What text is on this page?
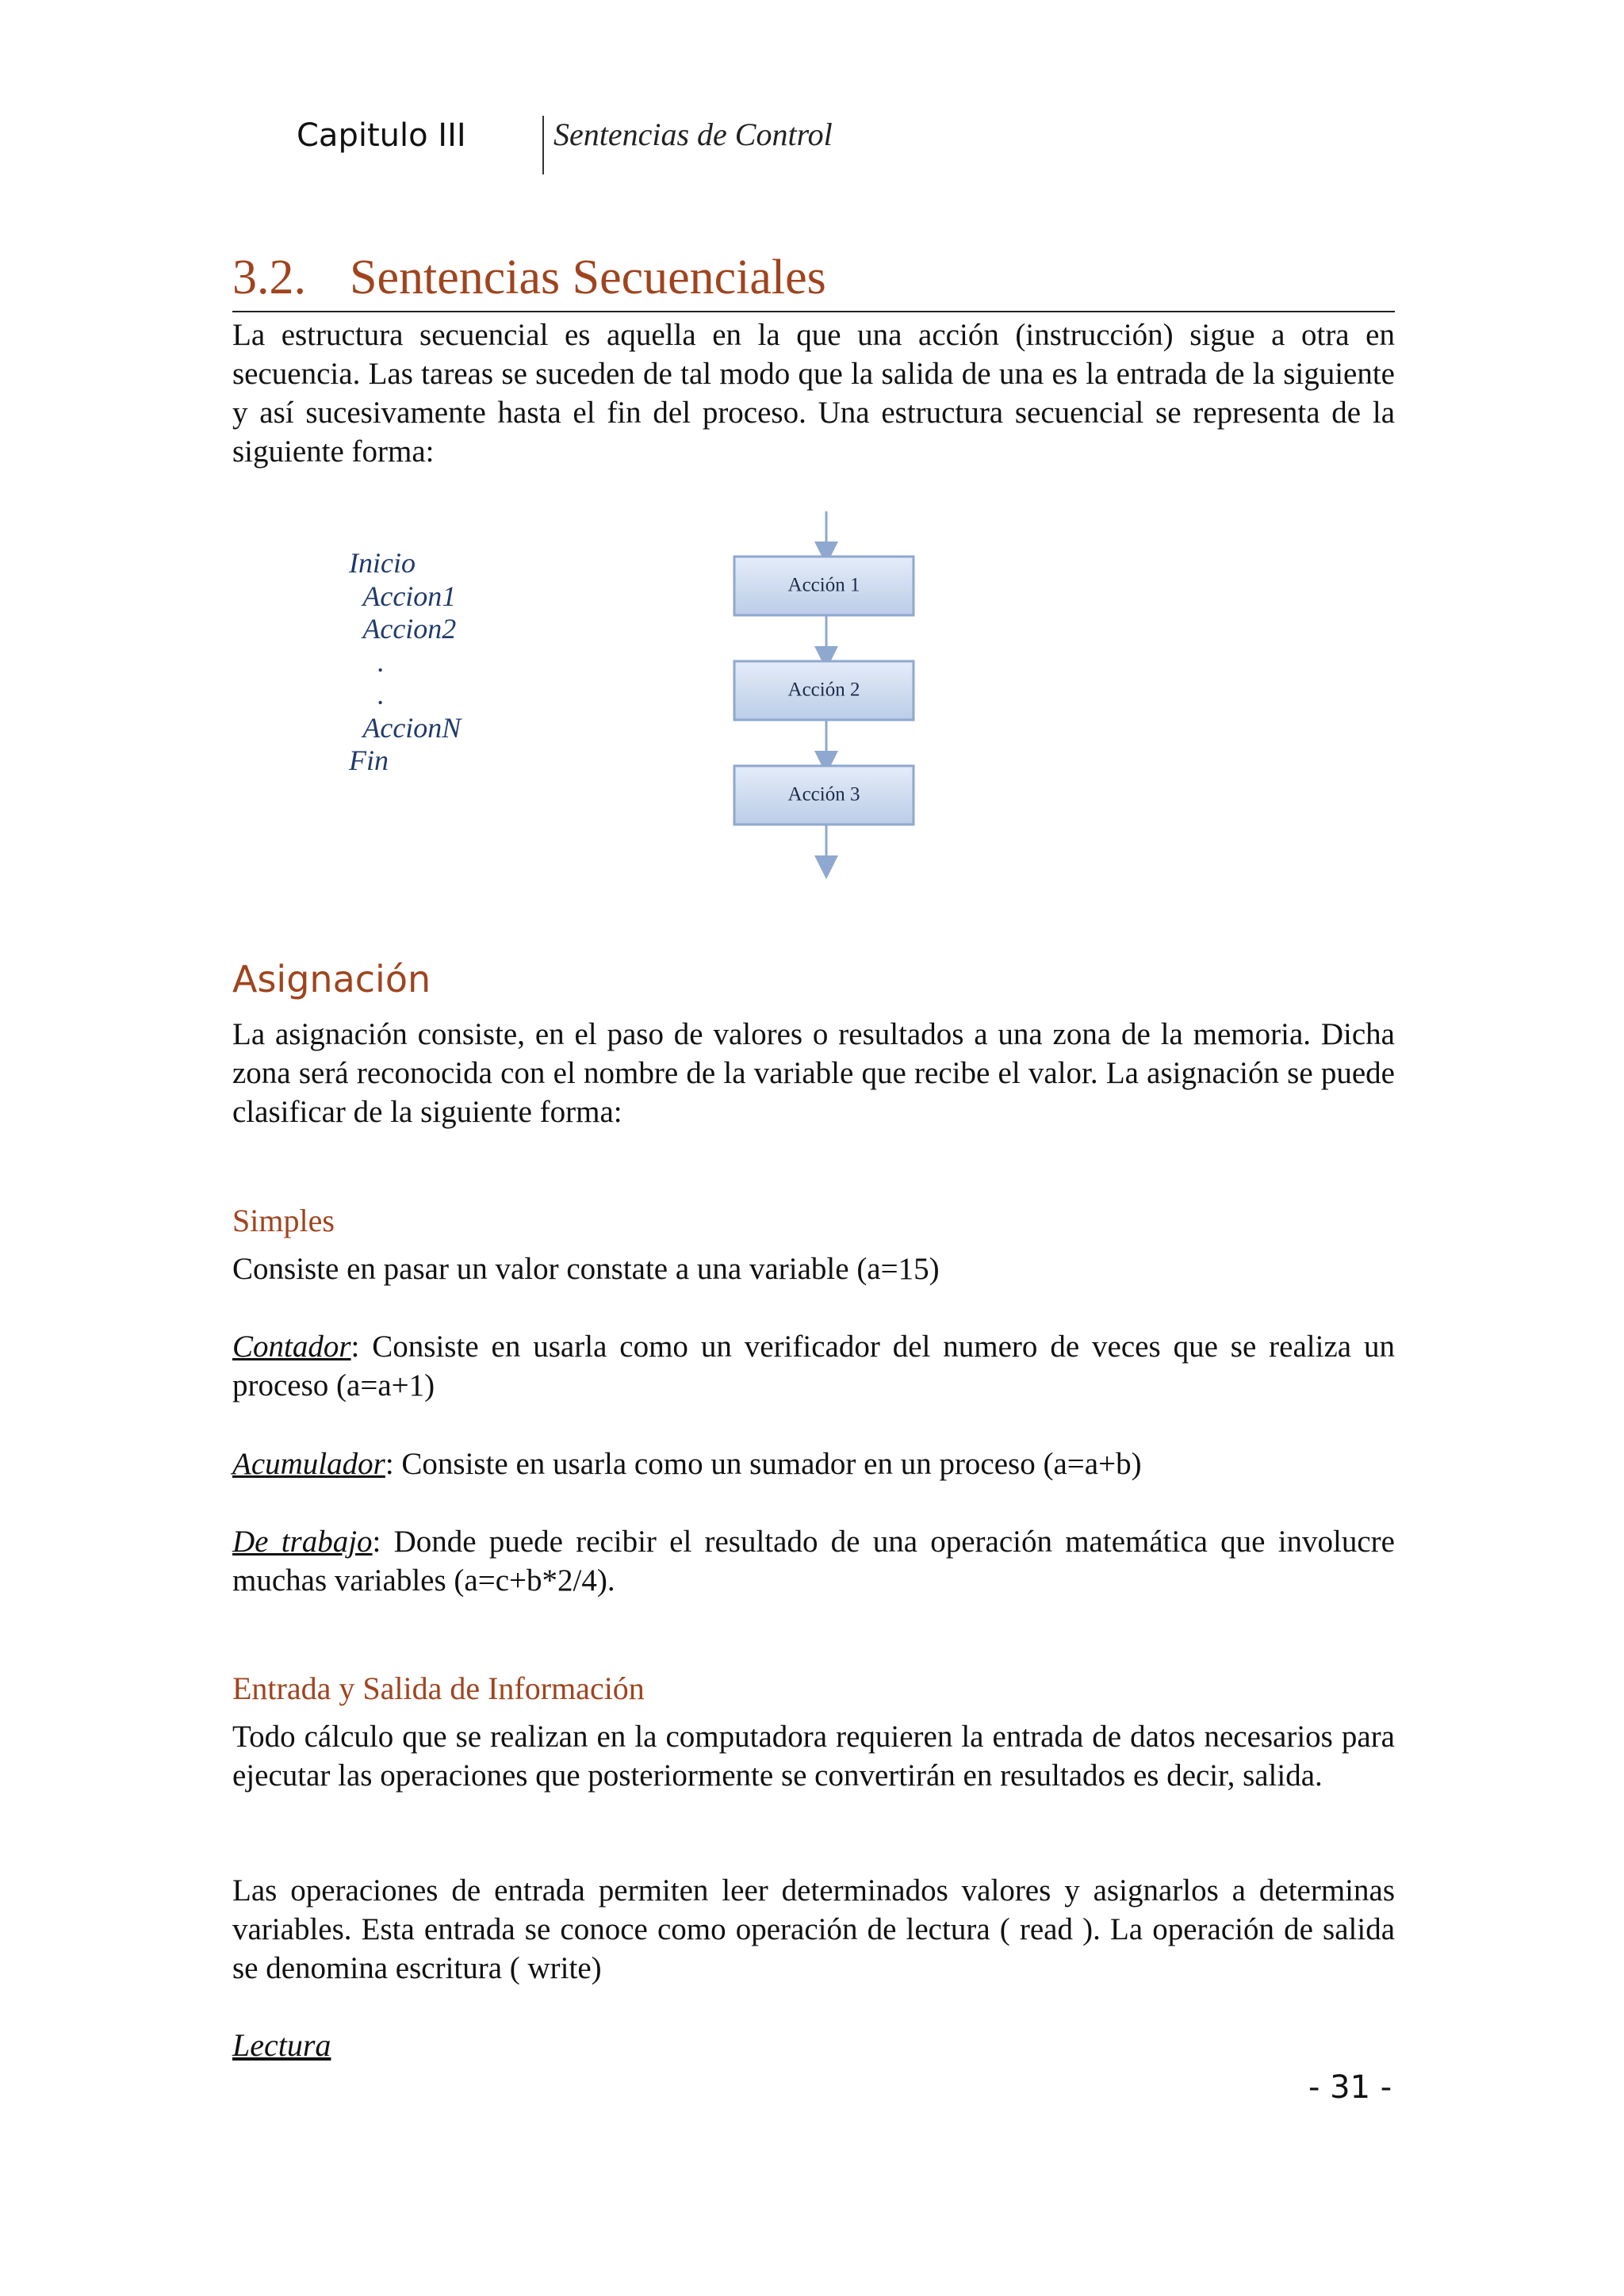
Capitulo III	Sentencias de Control
3.2. Sentencias Secuenciales

La estructura secuencial es aquella en la que una acción (instrucción) sigue a otra en secuencia. Las tareas se suceden de tal modo que la salida de una es la entrada de la siguiente y así sucesivamente hasta el fin del proceso. Una estructura secuencial se representa de la siguiente forma:

Inicio
Accion1
Accion2
.
.
AccionN
Fin
Acción 1
Acción 2
Acción 3
Asignación

La asignación consiste, en el paso de valores o resultados a una zona de la memoria. Dicha zona será reconocida con el nombre de la variable que recibe el valor. La asignación se puede clasificar de la siguiente forma:

Simples

Consiste en pasar un valor constate a una variable (a=15)

Contador: Consiste en usarla como un verificador del numero de veces que se realiza un proceso (a=a+1)

Acumulador: Consiste en usarla como un sumador en un proceso (a=a+b)

De trabajo: Donde puede recibir el resultado de una operación matemática que involucre muchas variables (a=c+b*2/4).

Entrada y Salida de Información

Todo cálculo que se realizan en la computadora requieren la entrada de datos necesarios para ejecutar las operaciones que posteriormente se convertirán en resultados es decir, salida.

Las operaciones de entrada permiten leer determinados valores y asignarlos a determinas variables. Esta entrada se conoce como operación de lectura ( read ). La operación de salida se denomina escritura ( write)

Lectura
- 31 -
